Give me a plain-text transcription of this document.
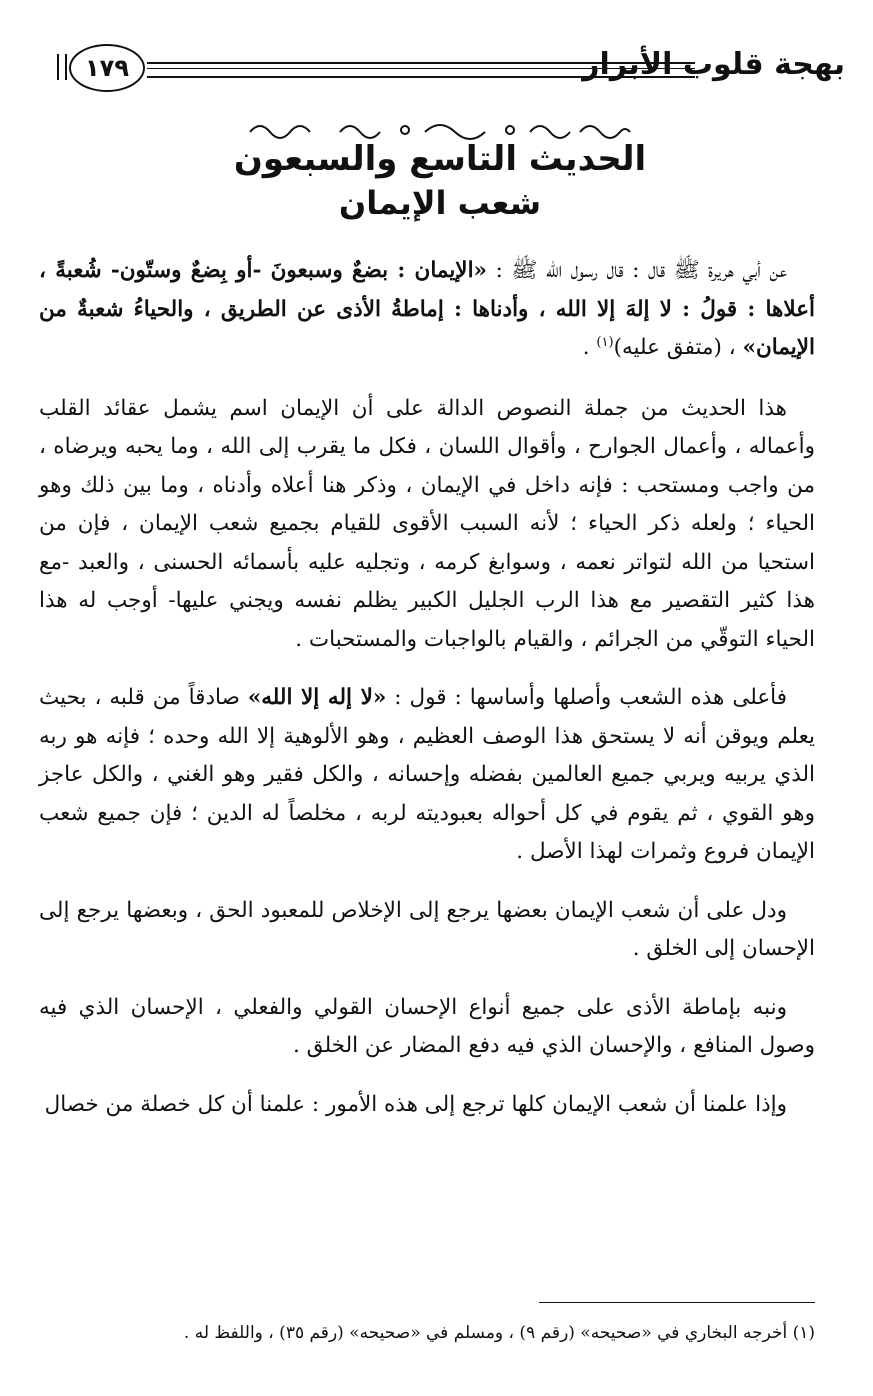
بهجة قلوب الأبرار
١٧٩
الحديث التاسع والسبعون
شعب الإيمان

عن أبي هريرة ﷺ قال : قال رسول الله ﷺ : «الإيمان : بضعٌ وسبعونَ -أو بِضعٌ وستّون- شُعبةً ، أعلاها : قولُ : لا إلهَ إلا الله ، وأدناها : إماطةُ الأذى عن الطريق ، والحياءُ شعبةٌ من الإيمان» ، (متفق عليه)$^{(١)}$ .

هذا الحديث من جملة النصوص الدالة على أن الإيمان اسم يشمل عقائد القلب وأعماله ، وأعمال الجوارح ، وأقوال اللسان ، فكل ما يقرب إلى الله ، وما يحبه ويرضاه ، من واجب ومستحب : فإنه داخل في الإيمان ، وذكر هنا أعلاه وأدناه ، وما بين ذلك وهو الحياء ؛ ولعله ذكر الحياء ؛ لأنه السبب الأقوى للقيام بجميع شعب الإيمان ، فإن من استحيا من الله لتواتر نعمه ، وسوابغ كرمه ، وتجليه عليه بأسمائه الحسنى ، والعبد -مع هذا كثير التقصير مع هذا الرب الجليل الكبير يظلم نفسه ويجني عليها- أوجب له هذا الحياء التوقّي من الجرائم ، والقيام بالواجبات والمستحبات .

فأعلى هذه الشعب وأصلها وأساسها : قول : «لا إله إلا الله» صادقاً من قلبه ، بحيث يعلم ويوقن أنه لا يستحق هذا الوصف العظيم ، وهو الألوهية إلا الله وحده ؛ فإنه هو ربه الذي يربيه ويربي جميع العالمين بفضله وإحسانه ، والكل فقير وهو الغني ، والكل عاجز وهو القوي ، ثم يقوم في كل أحواله بعبوديته لربه ، مخلصاً له الدين ؛ فإن جميع شعب الإيمان فروع وثمرات لهذا الأصل .

ودل على أن شعب الإيمان بعضها يرجع إلى الإخلاص للمعبود الحق ، وبعضها يرجع إلى الإحسان إلى الخلق .

ونبه بإماطة الأذى على جميع أنواع الإحسان القولي والفعلي ، الإحسان الذي فيه وصول المنافع ، والإحسان الذي فيه دفع المضار عن الخلق .

وإذا علمنا أن شعب الإيمان كلها ترجع إلى هذه الأمور : علمنا أن كل خصلة من خصال

(١) أخرجه البخاري في «صحيحه» (رقم ٩) ، ومسلم في «صحيحه» (رقم ٣٥) ، واللفظ له .
